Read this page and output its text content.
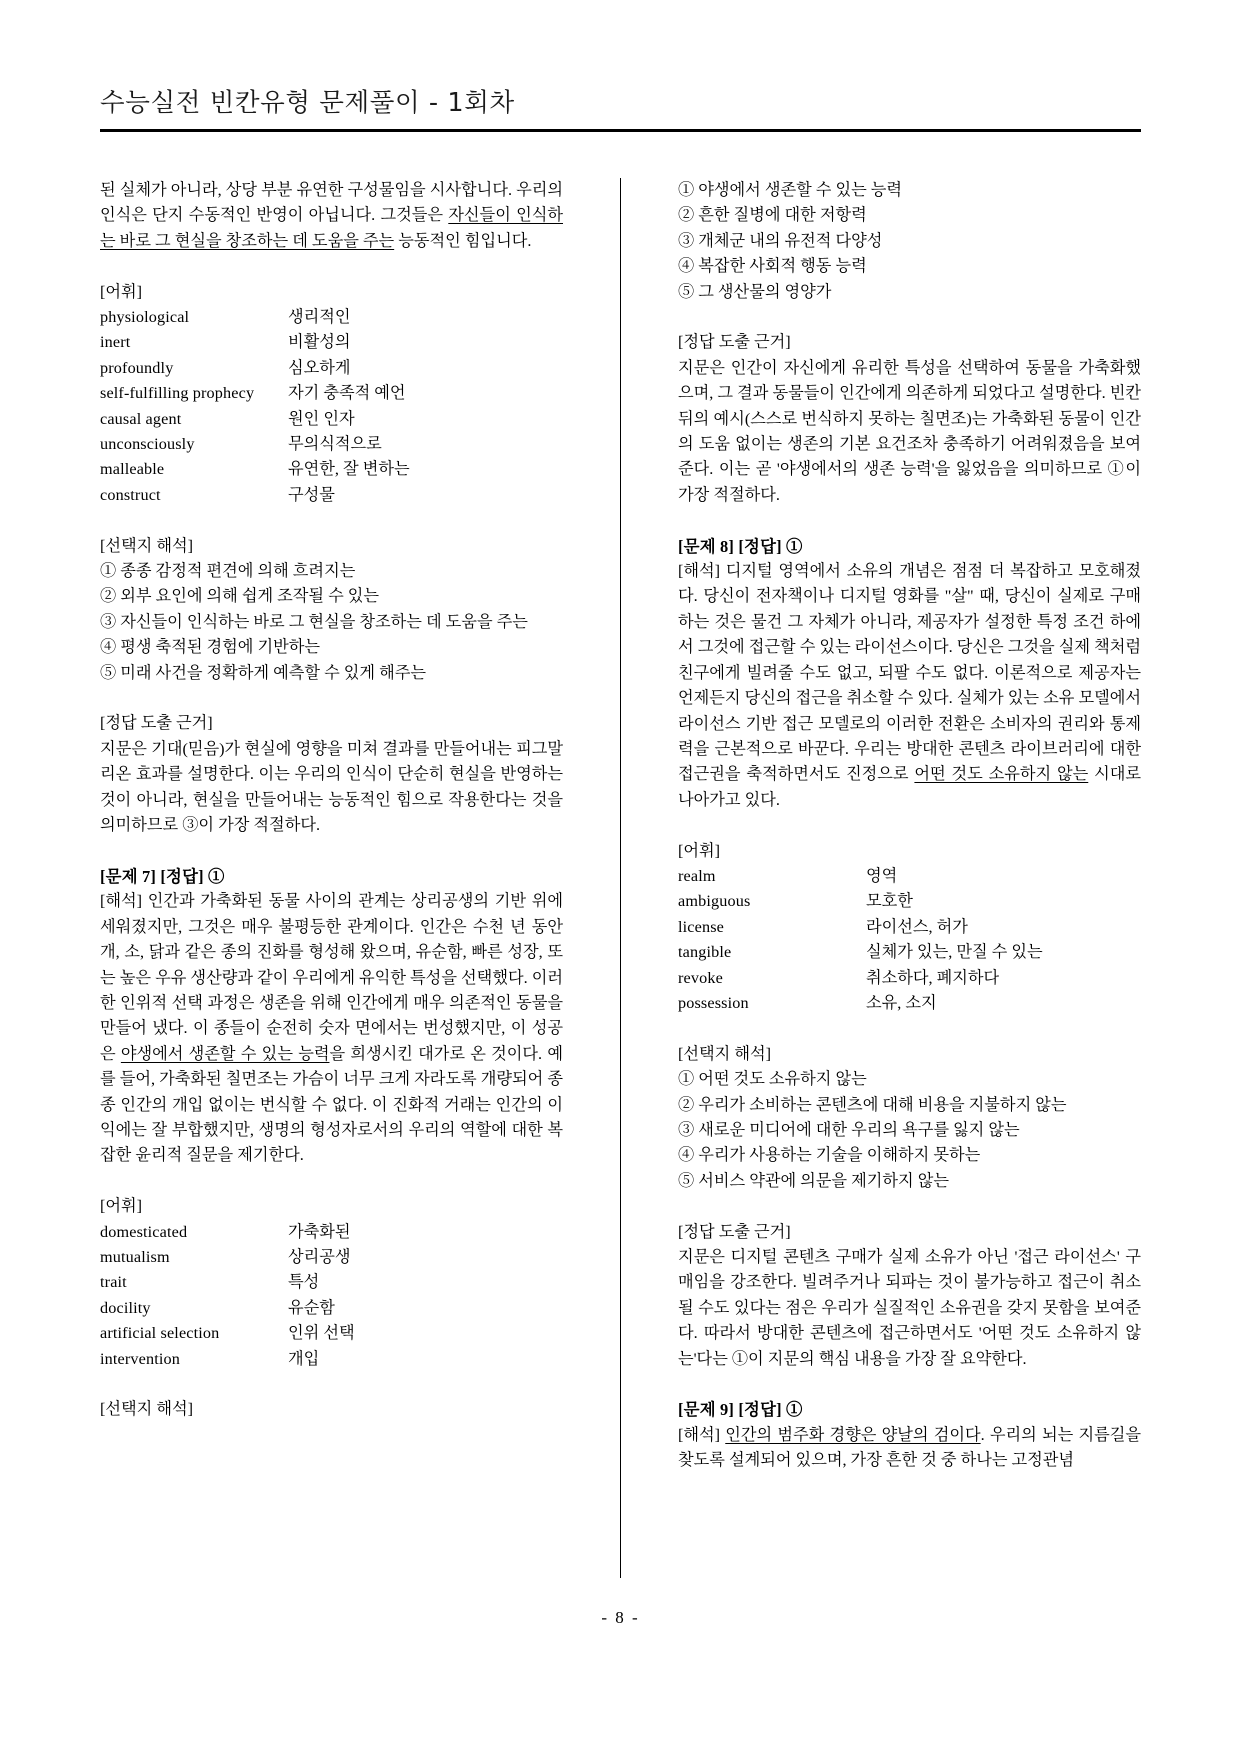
수능실전 빈칸유형 문제풀이 - 1회차

된 실체가 아니라, 상당 부분 유연한 구성물임을 시사합니다. 우리의 인식은 단지 수동적인 반영이 아닙니다. 그것들은 자신들이 인식하는 바로 그 현실을 창조하는 데 도움을 주는 능동적인 힘입니다.

[어휘]
physiological	생리적인
inert	비활성의
profoundly	심오하게
self-fulfilling prophecy	자기 충족적 예언
causal agent	원인 인자
unconsciously	무의식적으로
malleable	유연한, 잘 변하는
construct	구성물
[선택지 해석]
① 종종 감정적 편견에 의해 흐려지는
② 외부 요인에 의해 쉽게 조작될 수 있는
③ 자신들이 인식하는 바로 그 현실을 창조하는 데 도움을 주는
④ 평생 축적된 경험에 기반하는
⑤ 미래 사건을 정확하게 예측할 수 있게 해주는
[정답 도출 근거]

지문은 기대(믿음)가 현실에 영향을 미쳐 결과를 만들어내는 피그말리온 효과를 설명한다. 이는 우리의 인식이 단순히 현실을 반영하는 것이 아니라, 현실을 만들어내는 능동적인 힘으로 작용한다는 것을 의미하므로 ③이 가장 적절하다.

[문제 7] [정답] ①

[해석] 인간과 가축화된 동물 사이의 관계는 상리공생의 기반 위에 세워졌지만, 그것은 매우 불평등한 관계이다. 인간은 수천 년 동안 개, 소, 닭과 같은 종의 진화를 형성해 왔으며, 유순함, 빠른 성장, 또는 높은 우유 생산량과 같이 우리에게 유익한 특성을 선택했다. 이러한 인위적 선택 과정은 생존을 위해 인간에게 매우 의존적인 동물을 만들어 냈다. 이 종들이 순전히 숫자 면에서는 번성했지만, 이 성공은 야생에서 생존할 수 있는 능력을 희생시킨 대가로 온 것이다. 예를 들어, 가축화된 칠면조는 가슴이 너무 크게 자라도록 개량되어 종종 인간의 개입 없이는 번식할 수 없다. 이 진화적 거래는 인간의 이익에는 잘 부합했지만, 생명의 형성자로서의 우리의 역할에 대한 복잡한 윤리적 질문을 제기한다.

[어휘]
domesticated	가축화된
mutualism	상리공생
trait	특성
docility	유순함
artificial selection	인위 선택
intervention	개입
[선택지 해석]
① 야생에서 생존할 수 있는 능력
② 흔한 질병에 대한 저항력
③ 개체군 내의 유전적 다양성
④ 복잡한 사회적 행동 능력
⑤ 그 생산물의 영양가
[정답 도출 근거]

지문은 인간이 자신에게 유리한 특성을 선택하여 동물을 가축화했으며, 그 결과 동물들이 인간에게 의존하게 되었다고 설명한다. 빈칸 뒤의 예시(스스로 번식하지 못하는 칠면조)는 가축화된 동물이 인간의 도움 없이는 생존의 기본 요건조차 충족하기 어려워졌음을 보여준다. 이는 곧 '야생에서의 생존 능력'을 잃었음을 의미하므로 ①이 가장 적절하다.

[문제 8] [정답] ①

[해석] 디지털 영역에서 소유의 개념은 점점 더 복잡하고 모호해졌다. 당신이 전자책이나 디지털 영화를 "살" 때, 당신이 실제로 구매하는 것은 물건 그 자체가 아니라, 제공자가 설정한 특정 조건 하에서 그것에 접근할 수 있는 라이선스이다. 당신은 그것을 실제 책처럼 친구에게 빌려줄 수도 없고, 되팔 수도 없다. 이론적으로 제공자는 언제든지 당신의 접근을 취소할 수 있다. 실체가 있는 소유 모델에서 라이선스 기반 접근 모델로의 이러한 전환은 소비자의 권리와 통제력을 근본적으로 바꾼다. 우리는 방대한 콘텐츠 라이브러리에 대한 접근권을 축적하면서도 진정으로 어떤 것도 소유하지 않는 시대로 나아가고 있다.

[어휘]
realm	영역
ambiguous	모호한
license	라이선스, 허가
tangible	실체가 있는, 만질 수 있는
revoke	취소하다, 폐지하다
possession	소유, 소지
[선택지 해석]
① 어떤 것도 소유하지 않는
② 우리가 소비하는 콘텐츠에 대해 비용을 지불하지 않는
③ 새로운 미디어에 대한 우리의 욕구를 잃지 않는
④ 우리가 사용하는 기술을 이해하지 못하는
⑤ 서비스 약관에 의문을 제기하지 않는
[정답 도출 근거]

지문은 디지털 콘텐츠 구매가 실제 소유가 아닌 '접근 라이선스' 구매임을 강조한다. 빌려주거나 되파는 것이 불가능하고 접근이 취소될 수도 있다는 점은 우리가 실질적인 소유권을 갖지 못함을 보여준다. 따라서 방대한 콘텐츠에 접근하면서도 '어떤 것도 소유하지 않는'다는 ①이 지문의 핵심 내용을 가장 잘 요약한다.

[문제 9] [정답] ①

[해석] 인간의 범주화 경향은 양날의 검이다. 우리의 뇌는 지름길을 찾도록 설계되어 있으며, 가장 흔한 것 중 하나는 고정관념

- 8 -
